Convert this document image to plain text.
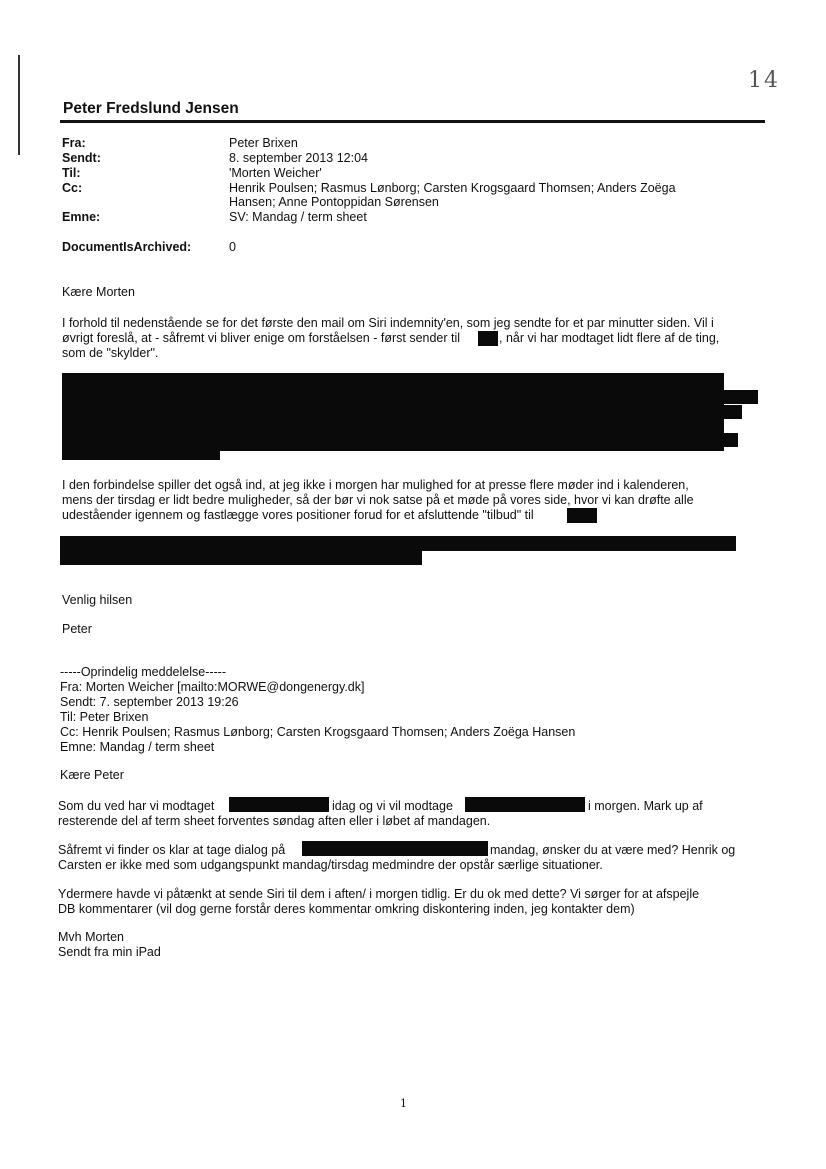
14
Peter Fredslund Jensen
Fra:	Peter Brixen
Sendt:	8. september 2013 12:04
Til:	'Morten Weicher'
Cc:	Henrik Poulsen; Rasmus Lønborg; Carsten Krogsgaard Thomsen; Anders Zoëga
Hansen; Anne Pontoppidan Sørensen
Emne:	SV: Mandag / term sheet
DocumentIsArchived:	0
Kære Morten
I forhold til nedenstående se for det første den mail om Siri indemnity'en, som jeg sendte for et par minutter siden. Vil i
øvrigt foreslå, at - såfremt vi bliver enige om forståelsen - først sender til	, når vi har modtaget lidt flere af de ting,
som de "skylder".
I den forbindelse spiller det også ind, at jeg ikke i morgen har mulighed for at presse flere møder ind i kalenderen,
mens der tirsdag er lidt bedre muligheder, så der bør vi nok satse på et møde på vores side, hvor vi kan drøfte alle
udeståender igennem og fastlægge vores positioner forud for et afsluttende "tilbud" til
Venlig hilsen
Peter
-----Oprindelig meddelelse-----
Fra: Morten Weicher [mailto:MORWE@dongenergy.dk]
Sendt: 7. september 2013 19:26
Til: Peter Brixen
Cc: Henrik Poulsen; Rasmus Lønborg; Carsten Krogsgaard Thomsen; Anders Zoëga Hansen
Emne: Mandag / term sheet
Kære Peter
Som du ved har vi modtaget	idag og vi vil modtage	i morgen. Mark up af
resterende del af term sheet forventes søndag aften eller i løbet af mandagen.
Såfremt vi finder os klar at tage dialog på	mandag, ønsker du at være med? Henrik og
Carsten er ikke med som udgangspunkt mandag/tirsdag medmindre der opstår særlige situationer.
Ydermere havde vi påtænkt at sende Siri til dem i aften/ i morgen tidlig. Er du ok med dette? Vi sørger for at afspejle
DB kommentarer (vil dog gerne forstår deres kommentar omkring diskontering inden, jeg kontakter dem)
Mvh Morten
Sendt fra min iPad
1
